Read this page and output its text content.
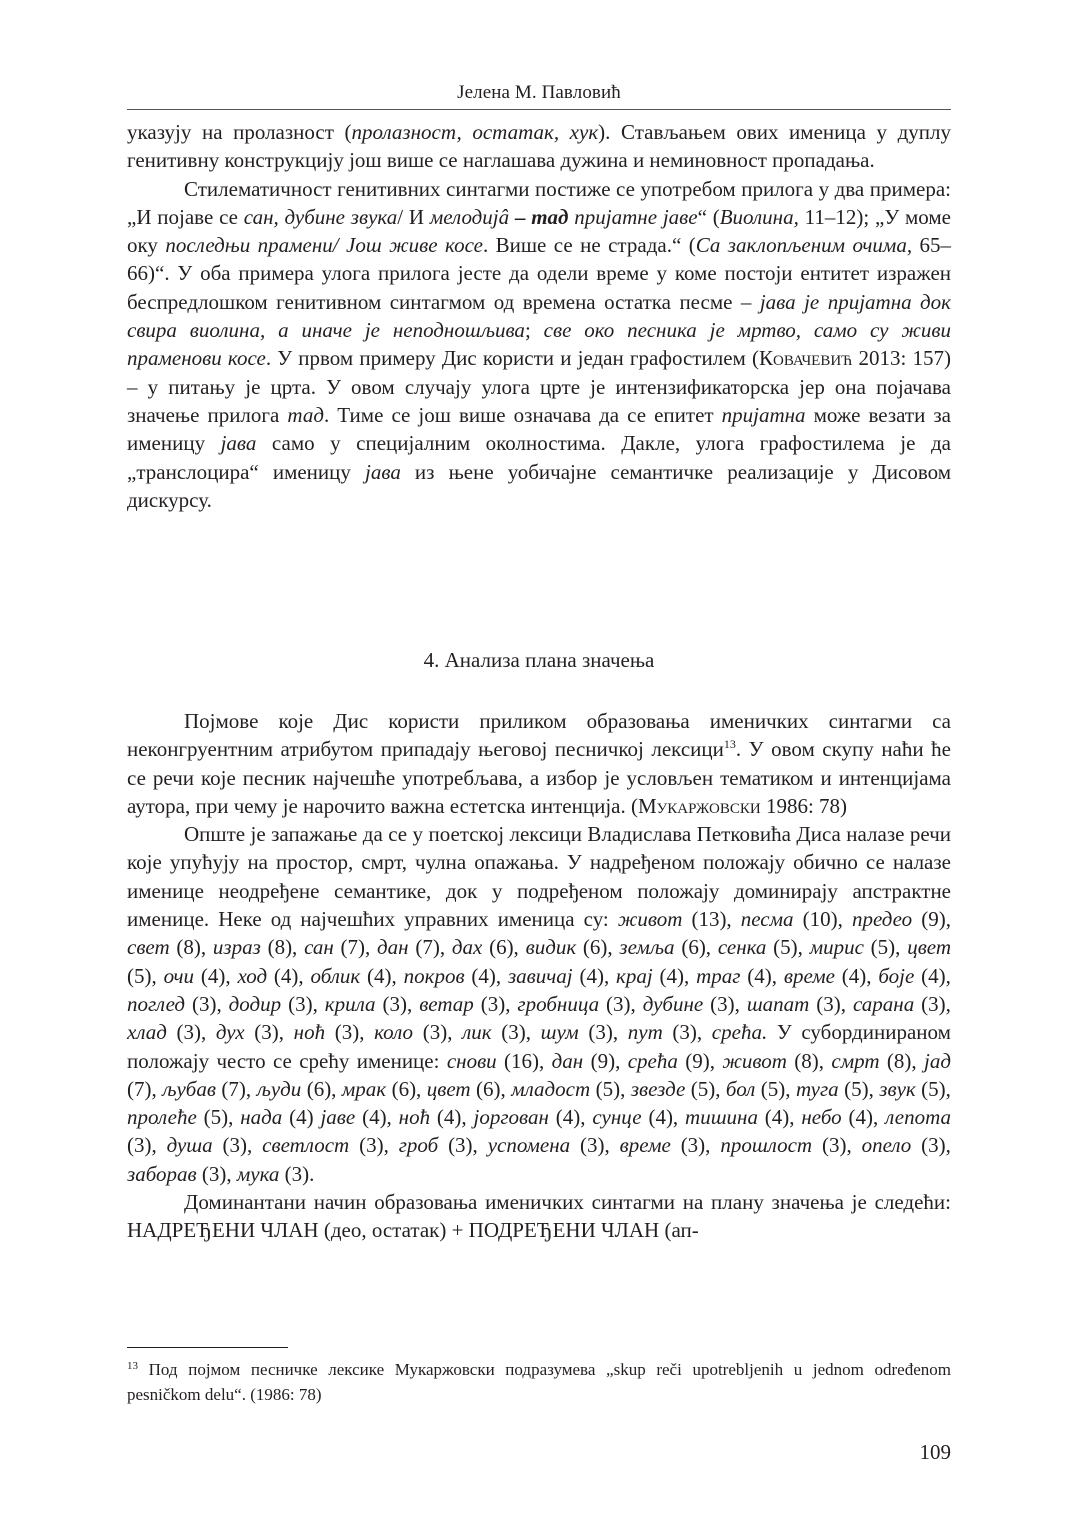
Јелена М. Павловић

указују на пролазност (пролазност, остатак, хук). Стављањем ових именица у дуплу генитивну конструкцију још више се наглашава дужина и неминовност пропадања.

Стилематичност генитивних синтагми постиже се употребом прилога у два примера: „И појаве се сан, дубине звука/ И мелодијâ – тад пријатне јаве“ (Виолина, 11–12); „У моме оку последњи прамени/ Још живе косе. Више се не страда.“ (Са заклопљеним очима, 65–66)“. У оба примера улога прилога јесте да одели време у коме постоји ентитет изражен беспредлошком генитивном синтагмом од времена остатка песме – јава је пријатна док свира виолина, а иначе је неподношљива; све око песника је мртво, само су живи праменови косе. У првом примеру Дис користи и један графостилем (Ковачевић 2013: 157) – у питању је црта. У овом случају улога црте је интензификаторска јер она појачава значење прилога тад. Тиме се још више означава да се епитет пријатна може везати за именицу јава само у специјалним околностима. Дакле, улога графостилема је да „транслоцира“ именицу јава из њене уобичајне семантичке реализације у Дисовом дискурсу.

4. Анализа плана значења

Појмове које Дис користи приликом образовања именичких синтагми са неконгруентним атрибутом припадају његовој песничкој лексици$^{13}$. У овом скупу наћи ће се речи које песник најчешће употребљава, а избор је условљен тематиком и интенцијама аутора, при чему је нарочито важна естетска интенција. (Мукаржовски 1986: 78)

Опште је запажање да се у поетској лексици Владислава Петковића Диса налазе речи које упућују на простор, смрт, чулна опажања. У надређеном положају обично се налазе именице неодређене семантике, док у подређеном положају доминирају апстрактне именице. Неке од најчешћих управних именица су: живот (13), песма (10), предео (9), свет (8), израз (8), сан (7), дан (7), дах (6), видик (6), земља (6), сенка (5), мирис (5), цвет (5), очи (4), ход (4), облик (4), покров (4), завичај (4), крај (4), траг (4), време (4), боје (4), поглед (3), додир (3), крила (3), ветар (3), гробница (3), дубине (3), шапат (3), сарана (3), хлад (3), дух (3), ноћ (3), коло (3), лик (3), шум (3), пут (3), срећа. У субординираном положају често се срећу именице: снови (16), дан (9), срећа (9), живот (8), смрт (8), јад (7), љубав (7), људи (6), мрак (6), цвет (6), младост (5), звезде (5), бол (5), туга (5), звук (5), пролеће (5), нада (4) јаве (4), ноћ (4), јоргован (4), сунце (4), тишина (4), небо (4), лепота (3), душа (3), светлост (3), гроб (3), успомена (3), време (3), прошлост (3), опело (3), заборав (3), мука (3).

Доминантани начин образовања именичких синтагми на плану значења је следећи: НАДРЕЂЕНИ ЧЛАН (део, остатак) + ПОДРЕЂЕНИ ЧЛАН (ап-

$^{13}$ Под појмом песничке лексике Мукаржовски подразумева „skup reči upotrebljenih u jednom određenom pesničkom delu“. (1986: 78)
109
